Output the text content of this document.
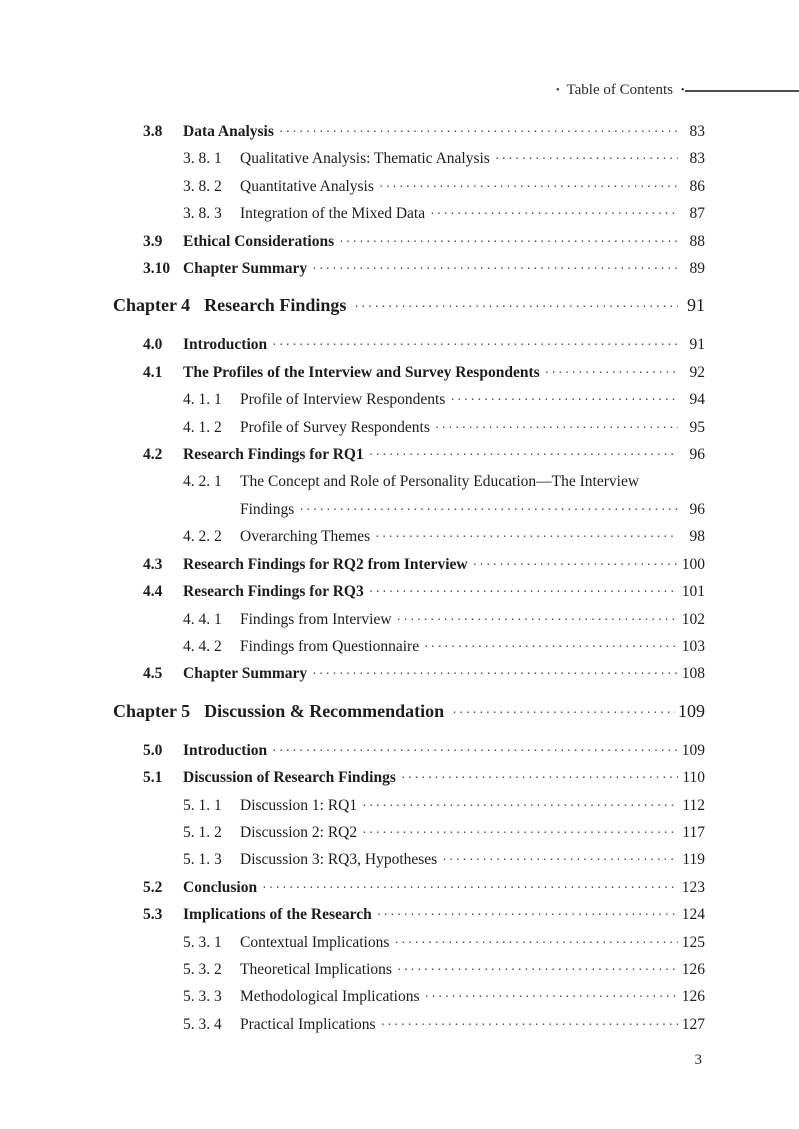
• Table of Contents •
3.8	Data Analysis ·····	83
3. 8. 1	Qualitative Analysis: Thematic Analysis ·····	83
3. 8. 2	Quantitative Analysis ·····	86
3. 8. 3	Integration of the Mixed Data ·····	87
3.9	Ethical Considerations ·····	88
3.10 Chapter Summary ·····	89
Chapter 4 Research Findings ·····	91
4.0	Introduction ·····	91
4.1	The Profiles of the Interview and Survey Respondents ·····	92
4. 1. 1	Profile of Interview Respondents ·····	94
4. 1. 2	Profile of Survey Respondents ·····	95
4.2	Research Findings for RQ1 ·····	96
4. 2. 1	The Concept and Role of Personality Education—The Interview
Findings ·····	96
4. 2. 2	Overarching Themes ·····	98
4.3	Research Findings for RQ2 from Interview ·····	100
4.4	Research Findings for RQ3 ·····	101
4. 4. 1	Findings from Interview ·····	102
4. 4. 2	Findings from Questionnaire ·····	103
4.5	Chapter Summary ·····	108
Chapter 5 Discussion & Recommendation ·····	109
5.0	Introduction ·····	109
5.1	Discussion of Research Findings ·····	110
5. 1. 1	Discussion 1: RQ1 ·····	112
5. 1. 2	Discussion 2: RQ2 ·····	117
5. 1. 3	Discussion 3: RQ3, Hypotheses ·····	119
5.2	Conclusion ·····	123
5.3	Implications of the Research ·····	124
5. 3. 1	Contextual Implications ·····	125
5. 3. 2	Theoretical Implications ·····	126
5. 3. 3	Methodological Implications ·····	126
5. 3. 4	Practical Implications ·····	127
3
